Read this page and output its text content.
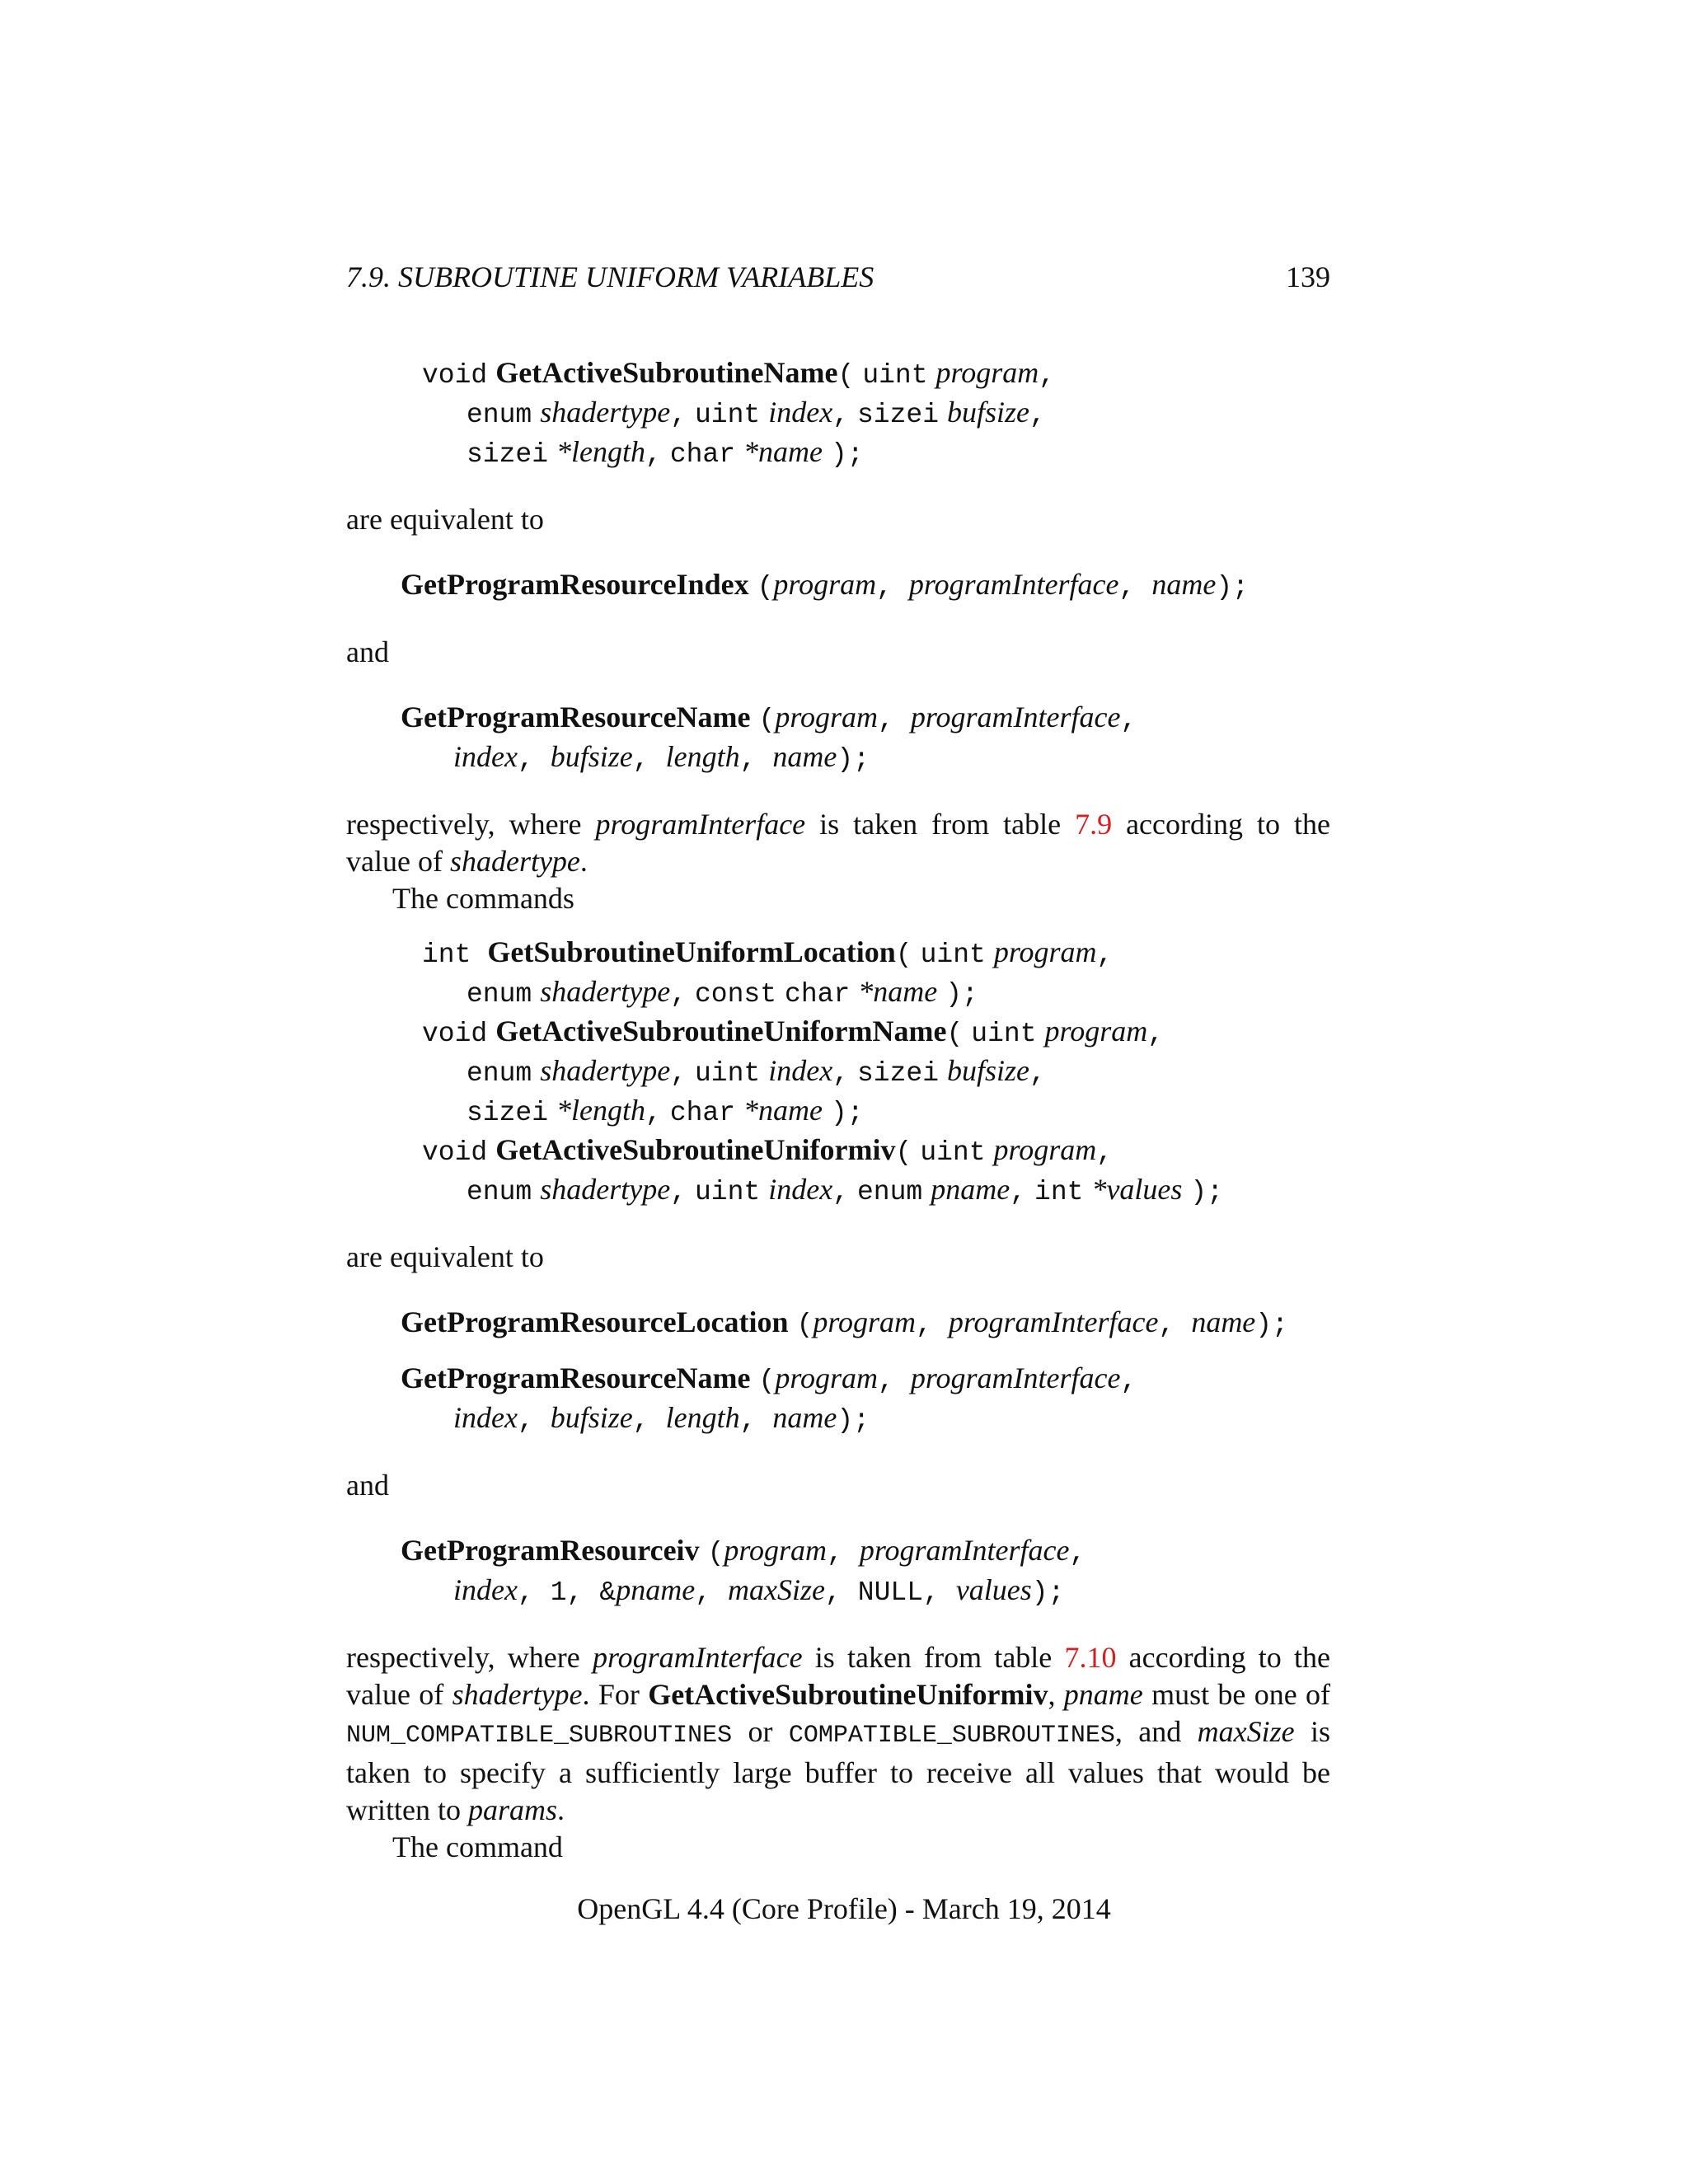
7.9. SUBROUTINE UNIFORM VARIABLES	139
void GetActiveSubroutineName( uint program,
enum shadertype, uint index, sizei bufsize,
sizei *length, char *name );
are equivalent to
GetProgramResourceIndex (program, programInterface, name);
and
GetProgramResourceName (program, programInterface,
index, bufsize, length, name);
respectively, where programInterface is taken from table 7.9 according to the value of shadertype.
The commands
int GetSubroutineUniformLocation( uint program,
enum shadertype, const char *name );
void GetActiveSubroutineUniformName( uint program,
enum shadertype, uint index, sizei bufsize,
sizei *length, char *name );
void GetActiveSubroutineUniformiv( uint program,
enum shadertype, uint index, enum pname, int *values );
are equivalent to
GetProgramResourceLocation (program, programInterface, name);
GetProgramResourceName (program, programInterface,
index, bufsize, length, name);
and
GetProgramResourceiv (program, programInterface,
index, 1, &pname, maxSize, NULL, values);
respectively, where programInterface is taken from table 7.10 according to the value of shadertype. For GetActiveSubroutineUniformiv, pname must be one of NUM_COMPATIBLE_SUBROUTINES or COMPATIBLE_SUBROUTINES, and maxSize is taken to specify a sufficiently large buffer to receive all values that would be written to params.
The command
OpenGL 4.4 (Core Profile) - March 19, 2014
